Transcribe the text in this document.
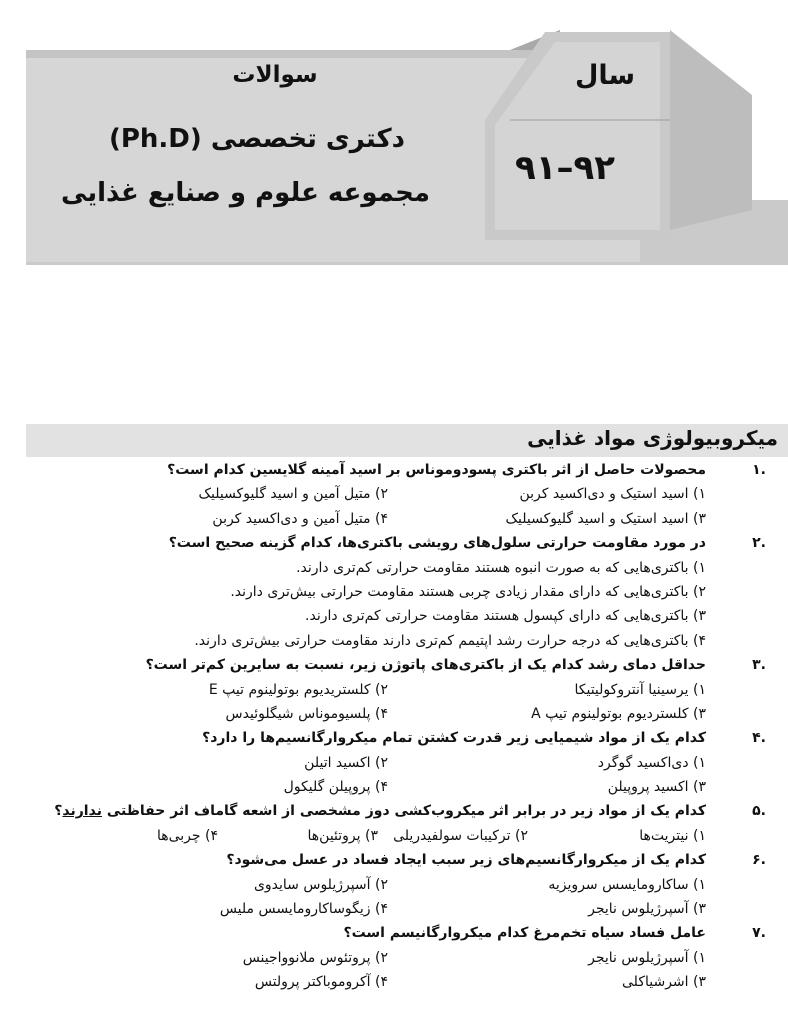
سوالات
دکتری تخصصی (Ph.D)
مجموعه علوم و صنایع غذایی
سال
۹۱–۹۲
میکروبیولوژی مواد غذایی
.۱
محصولات حاصل از اثر باکتری پسودوموناس بر اسید آمینه گلایسین کدام است؟
۱) اسید استیک و دی‌اکسید کربن
۲) متیل آمین و اسید گلیوکسیلیک
۳) اسید استیک و اسید گلیوکسیلیک
۴) متیل آمین و دی‌اکسید کربن
.۲
در مورد مقاومت حرارتی سلول‌های رویشی باکتری‌ها، کدام گزینه صحیح است؟
۱) باکتری‌هایی که به صورت انبوه هستند مقاومت حرارتی کم‌تری دارند.
۲) باکتری‌هایی که دارای مقدار زیادی چربی هستند مقاومت حرارتی بیش‌تری دارند.
۳) باکتری‌هایی که دارای کپسول هستند مقاومت حرارتی کم‌تری دارند.
۴) باکتری‌هایی که درجه حرارت رشد اپتیمم کم‌تری دارند مقاومت حرارتی بیش‌تری دارند.
.۳
حداقل دمای رشد کدام یک از باکتری‌های پاتوژن زیر، نسبت به سایرین کم‌تر است؟
۱) یرسینیا آنتروکولیتیکا
۲) کلستریدیوم بوتولینوم تیپ E
۳) کلستردیوم بوتولینوم تیپ A
۴) پلسیوموناس شیگلوئیدس
.۴
کدام یک از مواد شیمیایی زیر قدرت کشتن تمام میکروارگانسیم‌ها را دارد؟
۱) دی‌اکسید گوگرد
۲) اکسید اتیلن
۳) اکسید پروپیلن
۴) پروپیلن گلیکول
.۵
کدام یک از مواد زیر در برابر اثر میکروب‌کشی دوز مشخصی از اشعه گاماف اثر حفاظتی ندارند؟
۱) نیتریت‌ها
۲) ترکیبات سولفیدریلی
۳) پروتئین‌ها
۴) چربی‌ها
.۶
کدام یک از میکروارگانسیم‌های زیر سبب ایجاد فساد در عسل می‌شود؟
۱) ساکارومایسس سرویزیه
۲) آسپرژیلوس سایدوی
۳) آسپرژیلوس نایجر
۴) زیگوساکارومایسس ملیس
.۷
عامل فساد سیاه تخم‌مرغ کدام میکروارگانیسم است؟
۱) آسپرژیلوس نایجر
۲) پروتئوس ملانوواجینس
۳) اشرشیاکلی
۴) آکروموباکتر پرولتس
